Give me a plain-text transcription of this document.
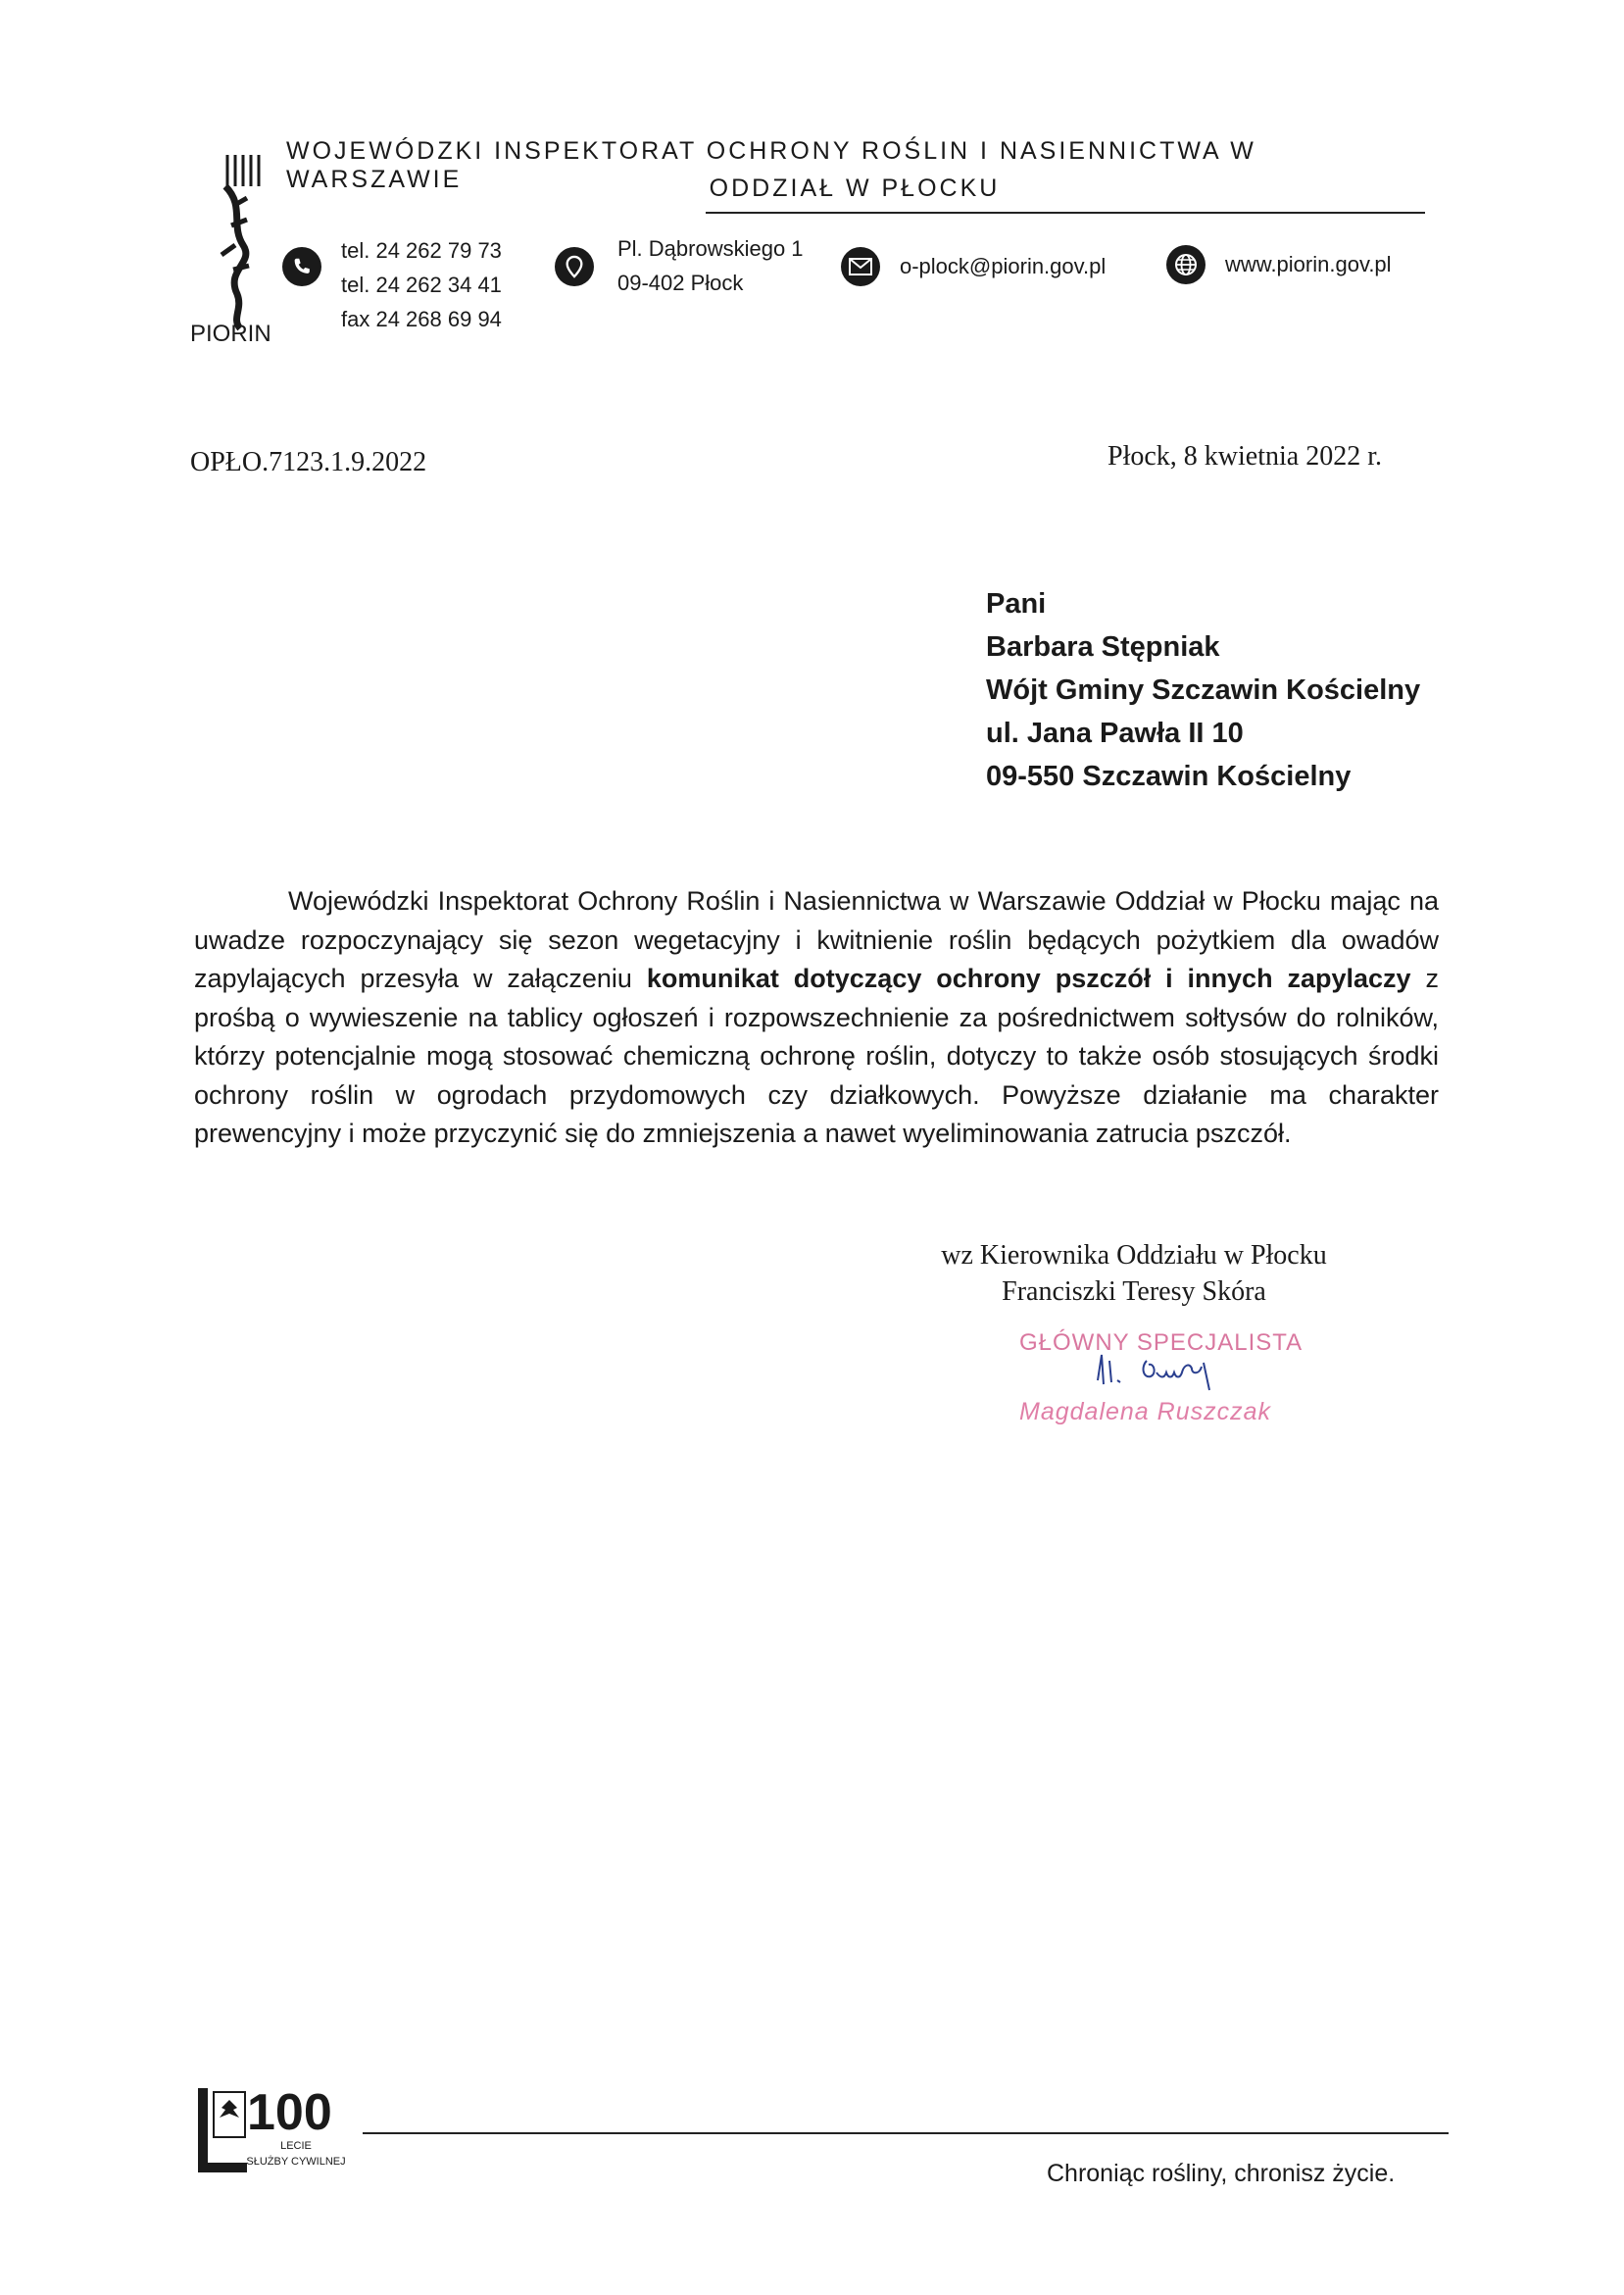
PIORIN
WOJEWÓDZKI INSPEKTORAT OCHRONY ROŚLIN I NASIENNICTWA W WARSZAWIE	ODDZIAŁ W PŁOCKU
tel. 24 262 79 73
tel. 24 262 34 41
fax 24 268 69 94
Pl. Dąbrowskiego 1
09-402 Płock
o-plock@piorin.gov.pl	www.piorin.gov.pl
OPŁO.7123.1.9.2022	Płock, 8 kwietnia 2022 r.
Pani
Barbara Stępniak
Wójt Gminy Szczawin Kościelny
ul. Jana Pawła II 10
09-550 Szczawin Kościelny

Wojewódzki Inspektorat Ochrony Roślin i Nasiennictwa w Warszawie Oddział w Płocku mając na uwadze rozpoczynający się sezon wegetacyjny i kwitnienie roślin będących pożytkiem dla owadów zapylających przesyła w załączeniu komunikat dotyczący ochrony pszczół i innych zapylaczy z prośbą o wywieszenie na tablicy ogłoszeń i rozpowszechnienie za pośrednictwem sołtysów do rolników, którzy potencjalnie mogą stosować chemiczną ochronę roślin, dotyczy to także osób stosujących środki ochrony roślin w ogrodach przydomowych czy działkowych. Powyższe działanie ma charakter prewencyjny i może przyczynić się do zmniejszenia a nawet wyeliminowania zatrucia pszczół.

wz Kierownika Oddziału w Płocku
Franciszki Teresy Skóra
GŁÓWNY SPECJALISTA
Magdalena Ruszczak
100
LECIE
SŁUŻBY CYWILNEJ	Chroniąc rośliny, chronisz życie.
